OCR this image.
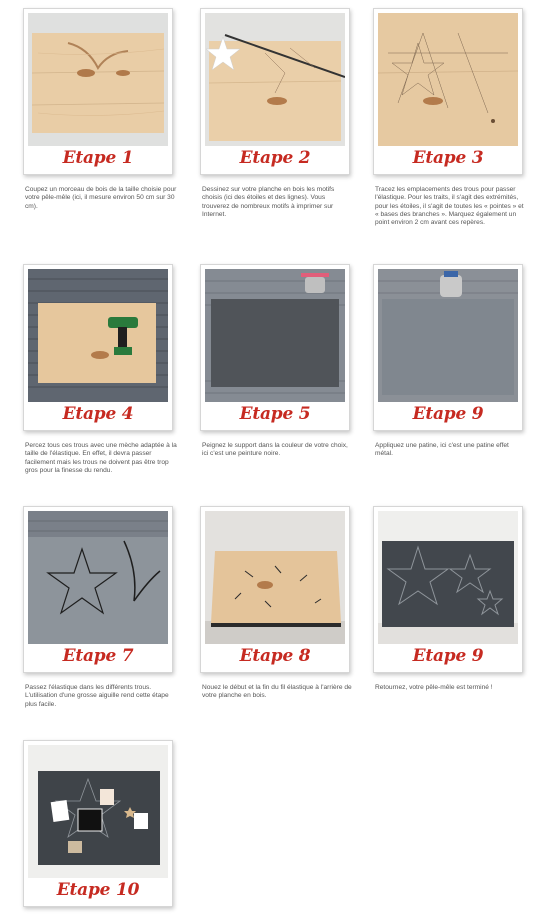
Etape 1
Coupez un morceau de bois de la taille choisie pour votre pêle-mêle (ici, il mesure environ 50 cm sur 30 cm).
Etape 2
Dessinez sur votre planche en bois les motifs choisis (ici des étoiles et des lignes). Vous trouverez de nombreux motifs à imprimer sur Internet.
Etape 3
Tracez les emplacements des trous pour passer l'élastique. Pour les traits, il s'agit des extrémités, pour les étoiles, il s'agit de toutes les « pointes » et « bases des branches ». Marquez également un point environ 2 cm avant ces repères.
Etape 4
Percez tous ces trous avec une mèche adaptée à la taille de l'élastique. En effet, il devra passer facilement mais les trous ne doivent pas être trop gros pour la finesse du rendu.
Etape 5
Peignez le support dans la couleur de votre choix, ici c'est une peinture noire.
Etape 9
Appliquez une patine, ici c'est une patine effet métal.
Etape 7
Passez l'élastique dans les différents trous. L'utilisation d'une grosse aiguille rend cette étape plus facile.
Etape 8
Nouez le début et la fin du fil élastique à l'arrière de votre planche en bois.
Etape 9
Retournez, votre pêle-mêle est terminé !
Etape 10
